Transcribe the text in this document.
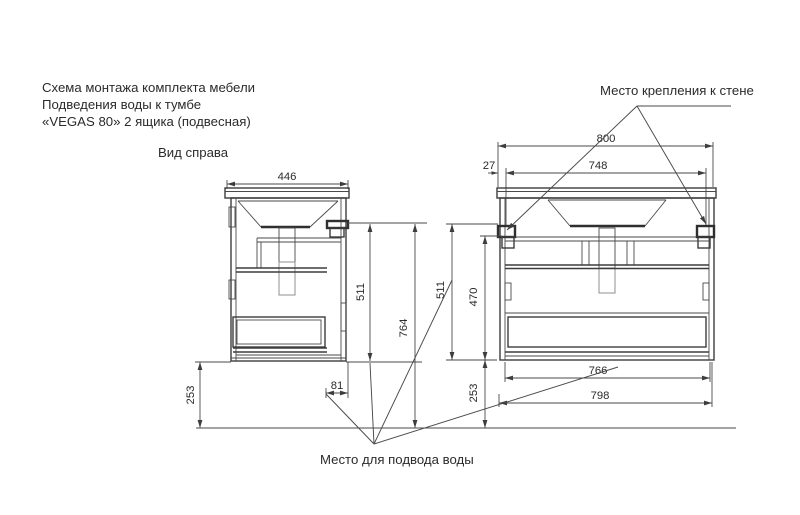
Схема монтажа комплекта мебели
Подведения воды к тумбе
«VEGAS 80» 2 ящика (подвесная)
Вид справа
446
253
511
764
81
800
748
27
511 470
253
766
798
Место крепления к стене
Место для подвода воды
